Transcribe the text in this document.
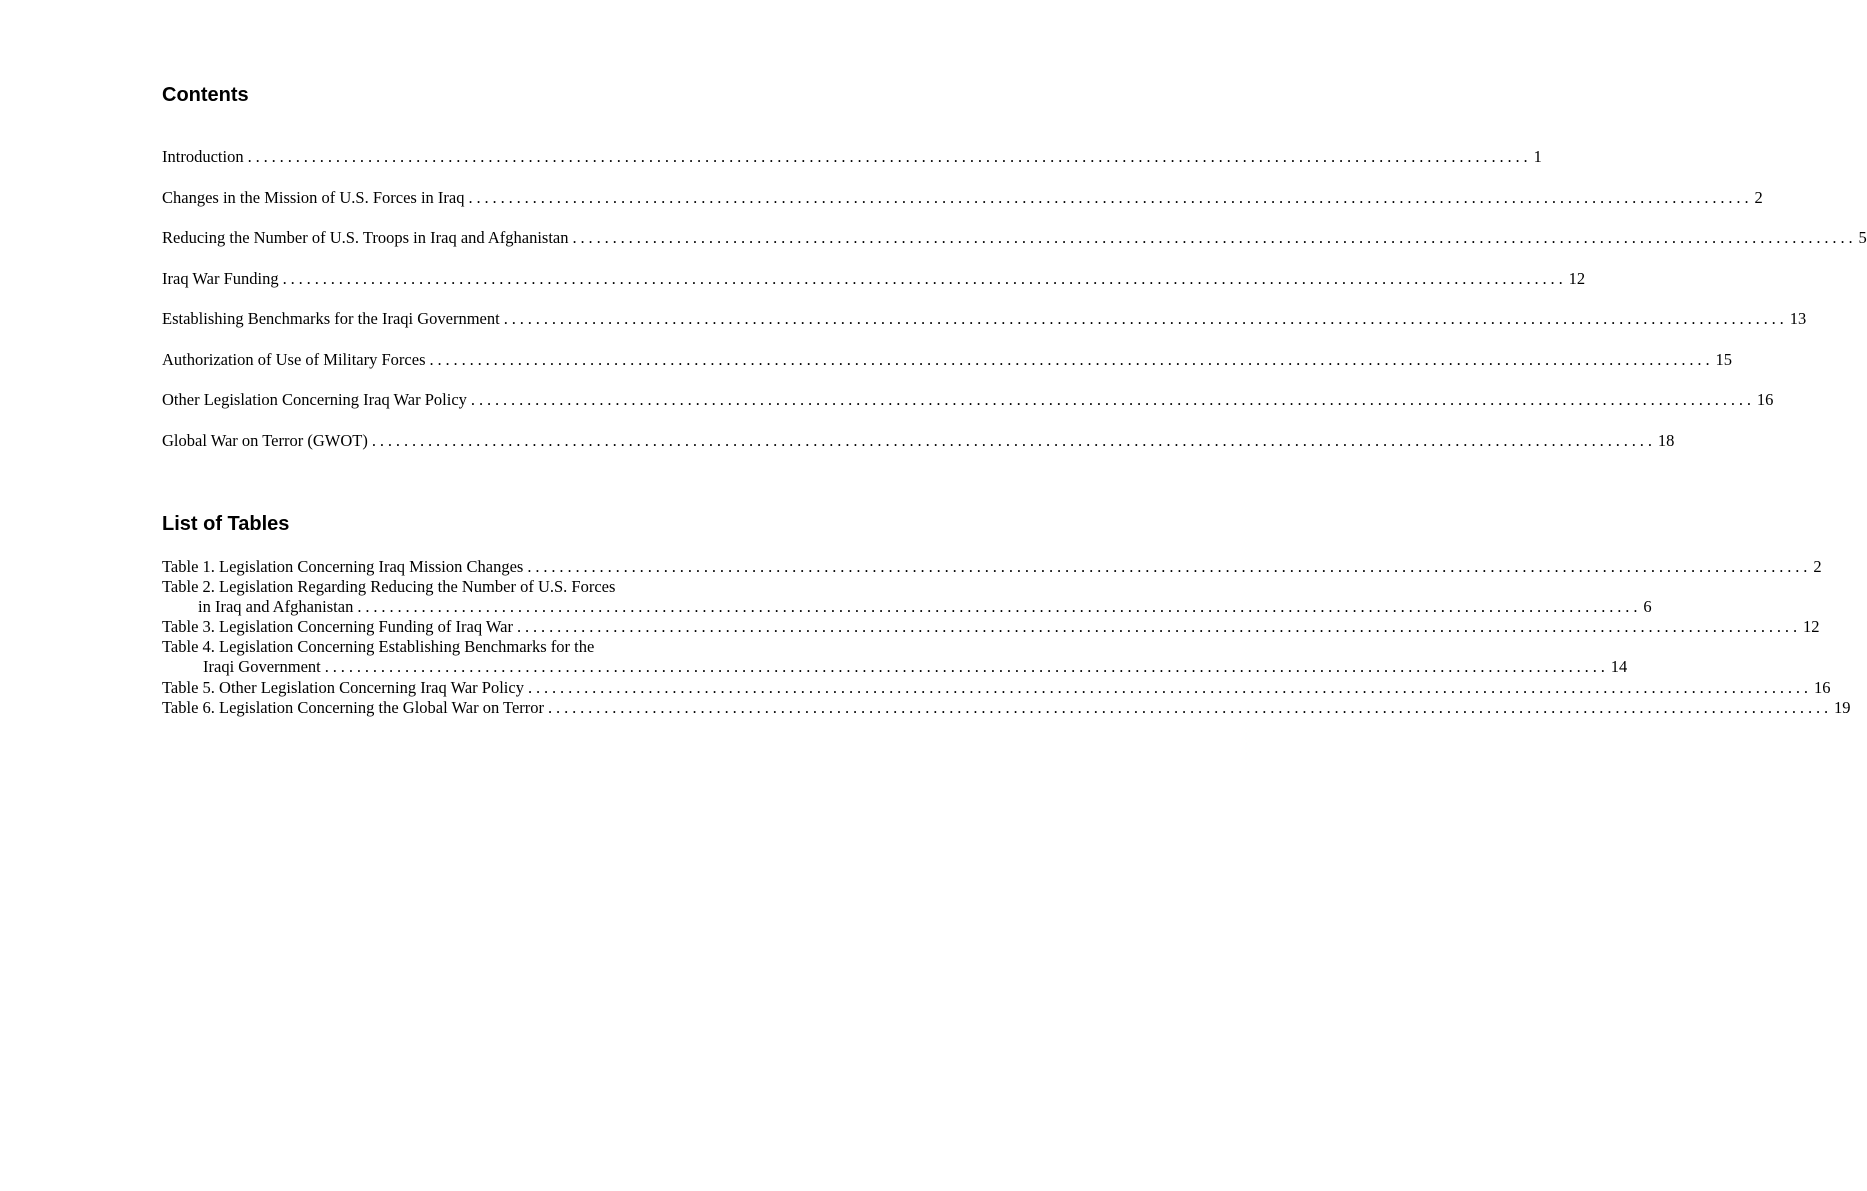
Contents
Introduction ................................................................................................................................................................ 1
Changes in the Mission of U.S. Forces in Iraq ................................................................................................................................................................ 2
Reducing the Number of U.S. Troops in Iraq and Afghanistan ................................................................................................................................................................ 5
Iraq War Funding ................................................................................................................................................................ 12
Establishing Benchmarks for the Iraqi Government ................................................................................................................................................................ 13
Authorization of Use of Military Forces ................................................................................................................................................................ 15
Other Legislation Concerning Iraq War Policy ................................................................................................................................................................ 16
Global War on Terror (GWOT) ................................................................................................................................................................ 18
List of Tables
Table 1. Legislation Concerning Iraq Mission Changes ................................................................................................................................................................ 2
Table 2. Legislation Regarding Reducing the Number of U.S. Forces
in Iraq and Afghanistan ................................................................................................................................................................ 6
Table 3. Legislation Concerning Funding of Iraq War ................................................................................................................................................................ 12
Table 4. Legislation Concerning Establishing Benchmarks for the
Iraqi Government ................................................................................................................................................................ 14
Table 5. Other Legislation Concerning Iraq War Policy ................................................................................................................................................................ 16
Table 6. Legislation Concerning the Global War on Terror ................................................................................................................................................................ 19
